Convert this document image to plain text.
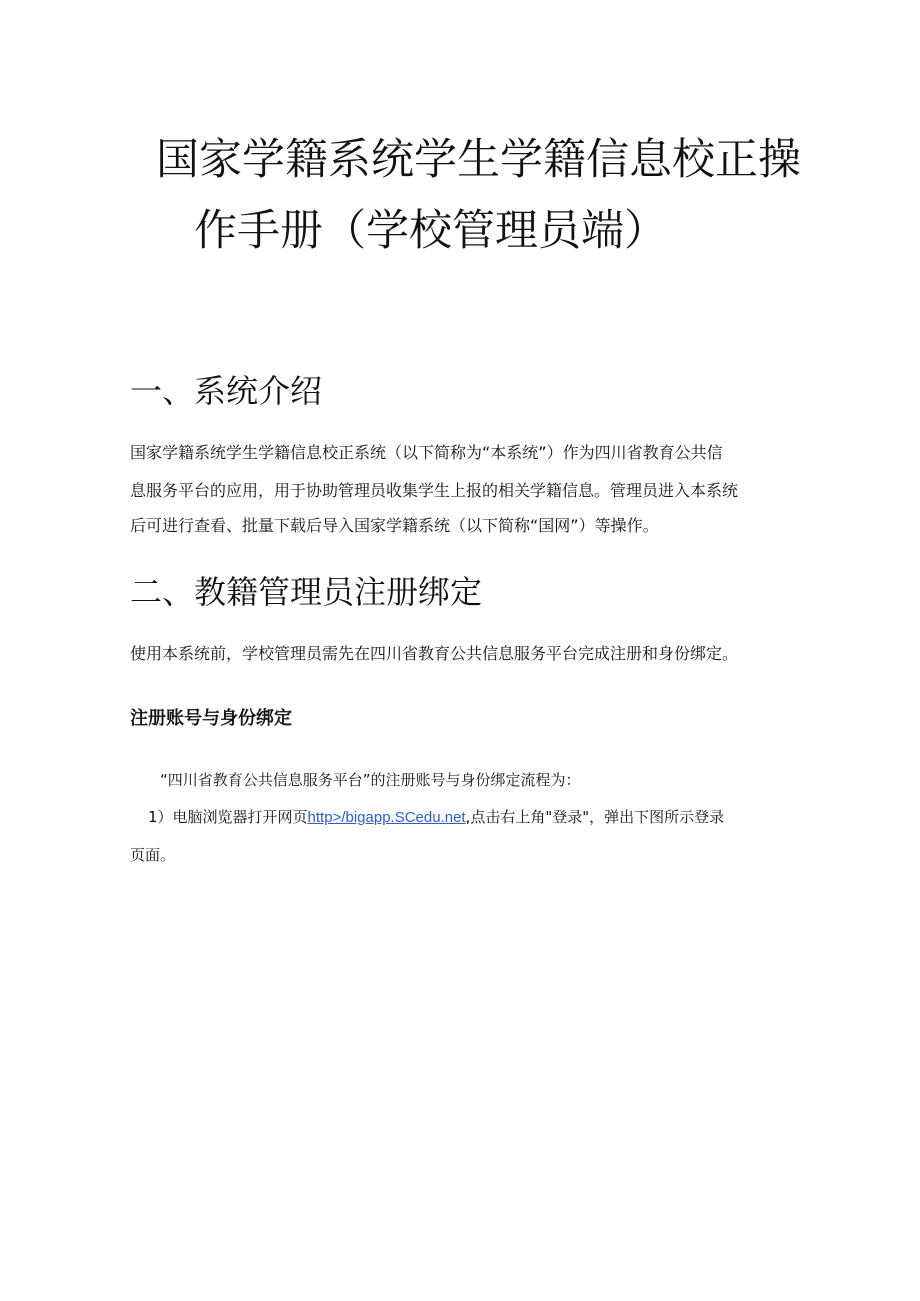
国家学籍系统学生学籍信息校正操
作手册（学校管理员端）
一、系统介绍
国家学籍系统学生学籍信息校正系统（以下简称为“本系统”）作为四川省教育公共信
息服务平台的应用，用于协助管理员收集学生上报的相关学籍信息。管理员进入本系统
后可进行查看、批量下载后导入国家学籍系统（以下简称“国网”）等操作。
二、教籍管理员注册绑定
使用本系统前，学校管理员需先在四川省教育公共信息服务平台完成注册和身份绑定。
注册账号与身份绑定
“四川省教育公共信息服务平台”的注册账号与身份绑定流程为：
1）电脑浏览器打开网页http>/bigapp.SCedu.net,点击右上角"登录"，弹出下图所示登录
页面。
